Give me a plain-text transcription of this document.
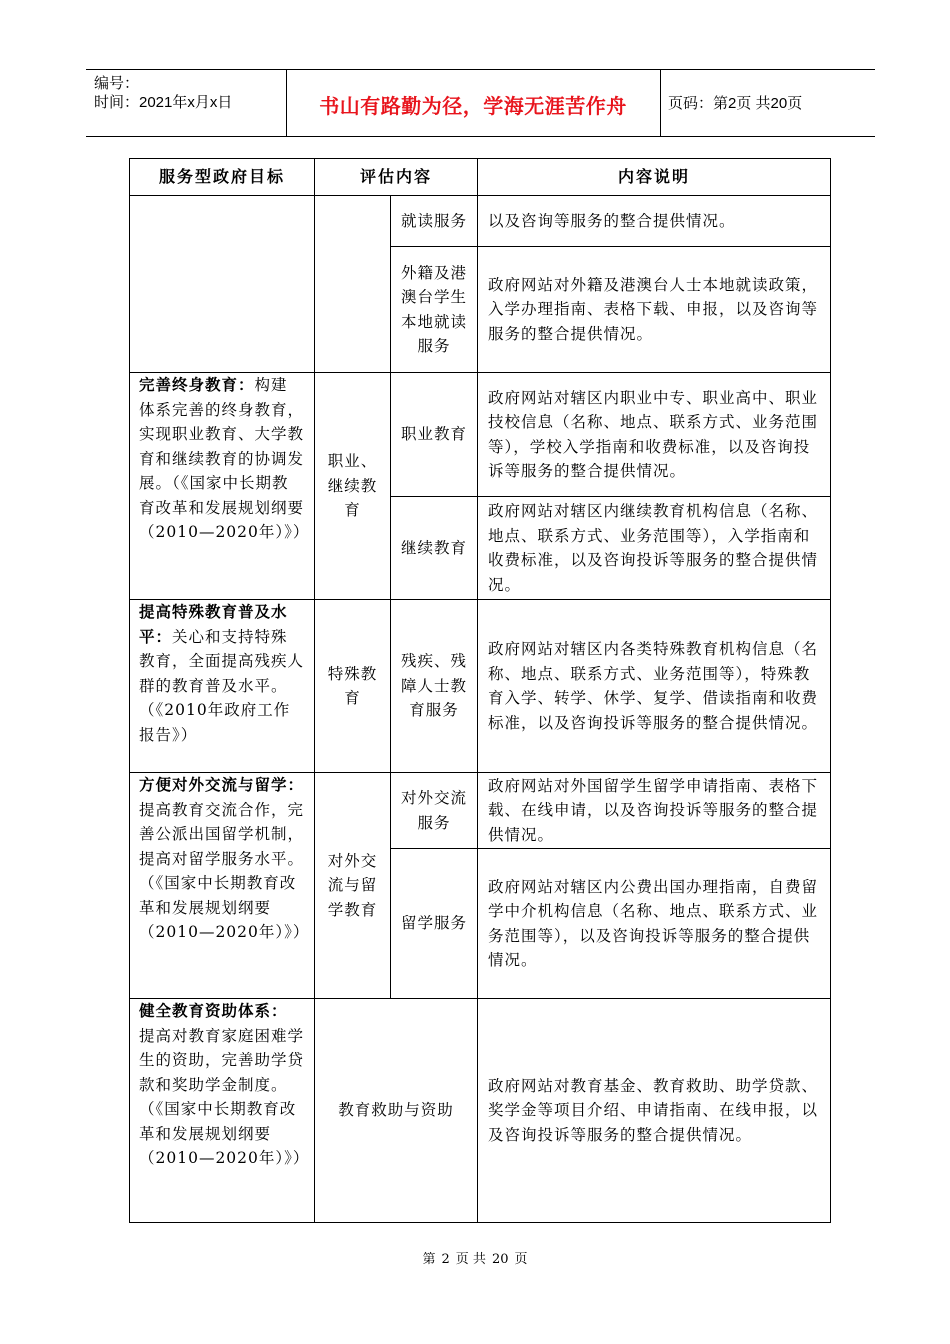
编号：
时间：2021年x月x日	书山有路勤为径，学海无涯苦作舟	页码：第2页 共20页
服务型政府目标	评估内容		内容说明
		就读服务	以及咨询等服务的整合提供情况。
		外籍及港澳台学生本地就读服务	政府网站对外籍及港澳台人士本地就读政策，入学办理指南、表格下载、申报，以及咨询等服务的整合提供情况。
完善终身教育：构建体系完善的终身教育，实现职业教育、大学教育和继续教育的协调发展。（《国家中长期教育改革和发展规划纲要（2010—2020年）》）	职业、继续教育	职业教育	政府网站对辖区内职业中专、职业高中、职业技校信息（名称、地点、联系方式、业务范围等），学校入学指南和收费标准，以及咨询投诉等服务的整合提供情况。
		继续教育	政府网站对辖区内继续教育机构信息（名称、地点、联系方式、业务范围等），入学指南和收费标准，以及咨询投诉等服务的整合提供情况。
提高特殊教育普及水平：关心和支持特殊教育，全面提高残疾人群的教育普及水平。（《2010年政府工作报告》）	特殊教育	残疾、残障人士教育服务	政府网站对辖区内各类特殊教育机构信息（名称、地点、联系方式、业务范围等），特殊教育入学、转学、休学、复学、借读指南和收费标准，以及咨询投诉等服务的整合提供情况。
方便对外交流与留学：提高教育交流合作，完善公派出国留学机制，提高对留学服务水平。（《国家中长期教育改革和发展规划纲要（2010—2020年）》）	对外交流与留学教育	对外交流服务	政府网站对外国留学生留学申请指南、表格下载、在线申请，以及咨询投诉等服务的整合提供情况。
		留学服务	政府网站对辖区内公费出国办理指南，自费留学中介机构信息（名称、地点、联系方式、业务范围等），以及咨询投诉等服务的整合提供情况。
健全教育资助体系：提高对教育家庭困难学生的资助，完善助学贷款和奖助学金制度。（《国家中长期教育改革和发展规划纲要（2010—2020年）》）	教育救助与资助		政府网站对教育基金、教育救助、助学贷款、奖学金等项目介绍、申请指南、在线申报，以及咨询投诉等服务的整合提供情况。
第 2 页 共 20 页
